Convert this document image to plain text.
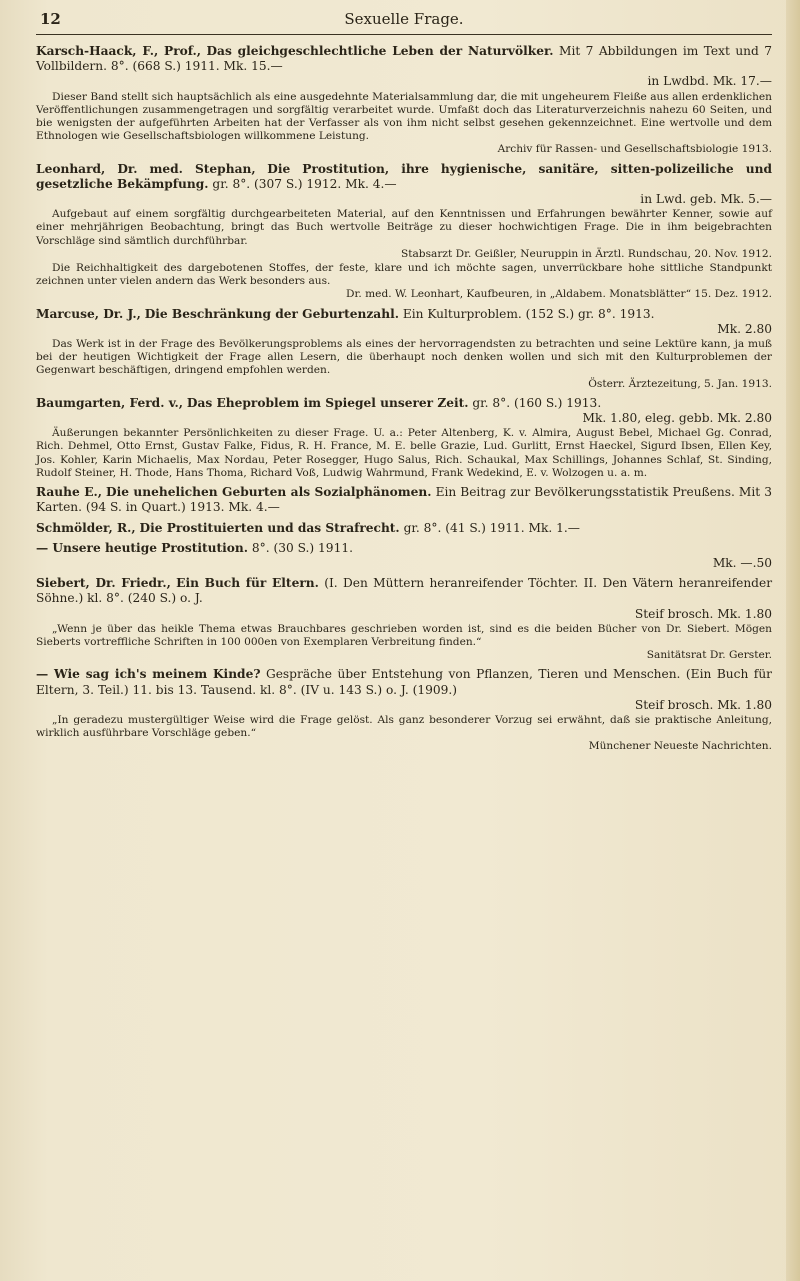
12	Sexuelle Frage.
Karsch-Haack, F., Prof., Das gleichgeschlechtliche Leben der Naturvölker. Mit 7 Abbildungen im Text und 7 Vollbildern. 8°. (668 S.) 1911. Mk. 15.—
in Lwdbd. Mk. 17.—
Dieser Band stellt sich hauptsächlich als eine ausgedehnte Materialsammlung dar, die mit ungeheurem Fleiße aus allen erdenklichen Veröffentlichungen zusammengetragen und sorgfältig verarbeitet wurde. Umfaßt doch das Literaturverzeichnis nahezu 60 Seiten, und bie wenigsten der aufgeführten Arbeiten hat der Verfasser als von ihm nicht selbst gesehen gekennzeichnet. Eine wertvolle und dem Ethnologen wie Gesellschaftsbiologen willkommene Leistung.
Archiv für Rassen- und Gesellschaftsbiologie 1913.
Leonhard, Dr. med. Stephan, Die Prostitution, ihre hygienische, sanitäre, sitten-polizeiliche und gesetzliche Bekämpfung. gr. 8°. (307 S.) 1912. Mk. 4.—
in Lwd. geb. Mk. 5.—
Aufgebaut auf einem sorgfältig durchgearbeiteten Material, auf den Kenntnissen und Erfahrungen bewährter Kenner, sowie auf einer mehrjährigen Beobachtung, bringt das Buch wertvolle Beiträge zu dieser hochwichtigen Frage. Die in ihm beigebrachten Vorschläge sind sämtlich durchführbar.
Stabsarzt Dr. Geißler, Neuruppin in Ärztl. Rundschau, 20. Nov. 1912.
Die Reichhaltigkeit des dargebotenen Stoffes, der feste, klare und ich möchte sagen, unverrückbare hohe sittliche Standpunkt zeichnen unter vielen andern das Werk besonders aus.
Dr. med. W. Leonhart, Kaufbeuren, in „Aldabem. Monatsblätter“ 15. Dez. 1912.
Marcuse, Dr. J., Die Beschränkung der Geburtenzahl. Ein Kulturproblem. (152 S.) gr. 8°. 1913.
Mk. 2.80
Das Werk ist in der Frage des Bevölkerungsproblems als eines der hervorragendsten zu betrachten und seine Lektüre kann, ja muß bei der heutigen Wichtigkeit der Frage allen Lesern, die überhaupt noch denken wollen und sich mit den Kulturproblemen der Gegenwart beschäftigen, dringend empfohlen werden.
Österr. Ärztezeitung, 5. Jan. 1913.
Baumgarten, Ferd. v., Das Eheproblem im Spiegel unserer Zeit. gr. 8°. (160 S.) 1913.
Mk. 1.80, eleg. gebb. Mk. 2.80
Äußerungen bekannter Persönlichkeiten zu dieser Frage. U. a.: Peter Altenberg, K. v. Almira, August Bebel, Michael Gg. Conrad, Rich. Dehmel, Otto Ernst, Gustav Falke, Fidus, R. H. France, M. E. belle Grazie, Lud. Gurlitt, Ernst Haeckel, Sigurd Ibsen, Ellen Key, Jos. Kohler, Karin Michaelis, Max Nordau, Peter Rosegger, Hugo Salus, Rich. Schaukal, Max Schillings, Johannes Schlaf, St. Sinding, Rudolf Steiner, H. Thode, Hans Thoma, Richard Voß, Ludwig Wahrmund, Frank Wedekind, E. v. Wolzogen u. a. m.
Rauhe E., Die unehelichen Geburten als Sozialphänomen. Ein Beitrag zur Bevölkerungsstatistik Preußens. Mit 3 Karten. (94 S. in Quart.) 1913. Mk. 4.—
Schmölder, R., Die Prostituierten und das Strafrecht. gr. 8°. (41 S.) 1911. Mk. 1.—
— Unsere heutige Prostitution. 8°. (30 S.) 1911.
Mk. —.50
Siebert, Dr. Friedr., Ein Buch für Eltern. (I. Den Müttern heranreifender Töchter. II. Den Vätern heranreifender Söhne.) kl. 8°. (240 S.) o. J.
Steif brosch. Mk. 1.80
„Wenn je über das heikle Thema etwas Brauchbares geschrieben worden ist, sind es die beiden Bücher von Dr. Siebert. Mögen Sieberts vortreffliche Schriften in 100 000en von Exemplaren Verbreitung finden.“
Sanitätsrat Dr. Gerster.
— Wie sag ich's meinem Kinde? Gespräche über Entstehung von Pflanzen, Tieren und Menschen. (Ein Buch für Eltern, 3. Teil.) 11. bis 13. Tausend. kl. 8°. (IV u. 143 S.) o. J. (1909.)
Steif brosch. Mk. 1.80
„In geradezu mustergültiger Weise wird die Frage gelöst. Als ganz besonderer Vorzug sei erwähnt, daß sie praktische Anleitung, wirklich ausführbare Vorschläge geben.“
Münchener Neueste Nachrichten.
